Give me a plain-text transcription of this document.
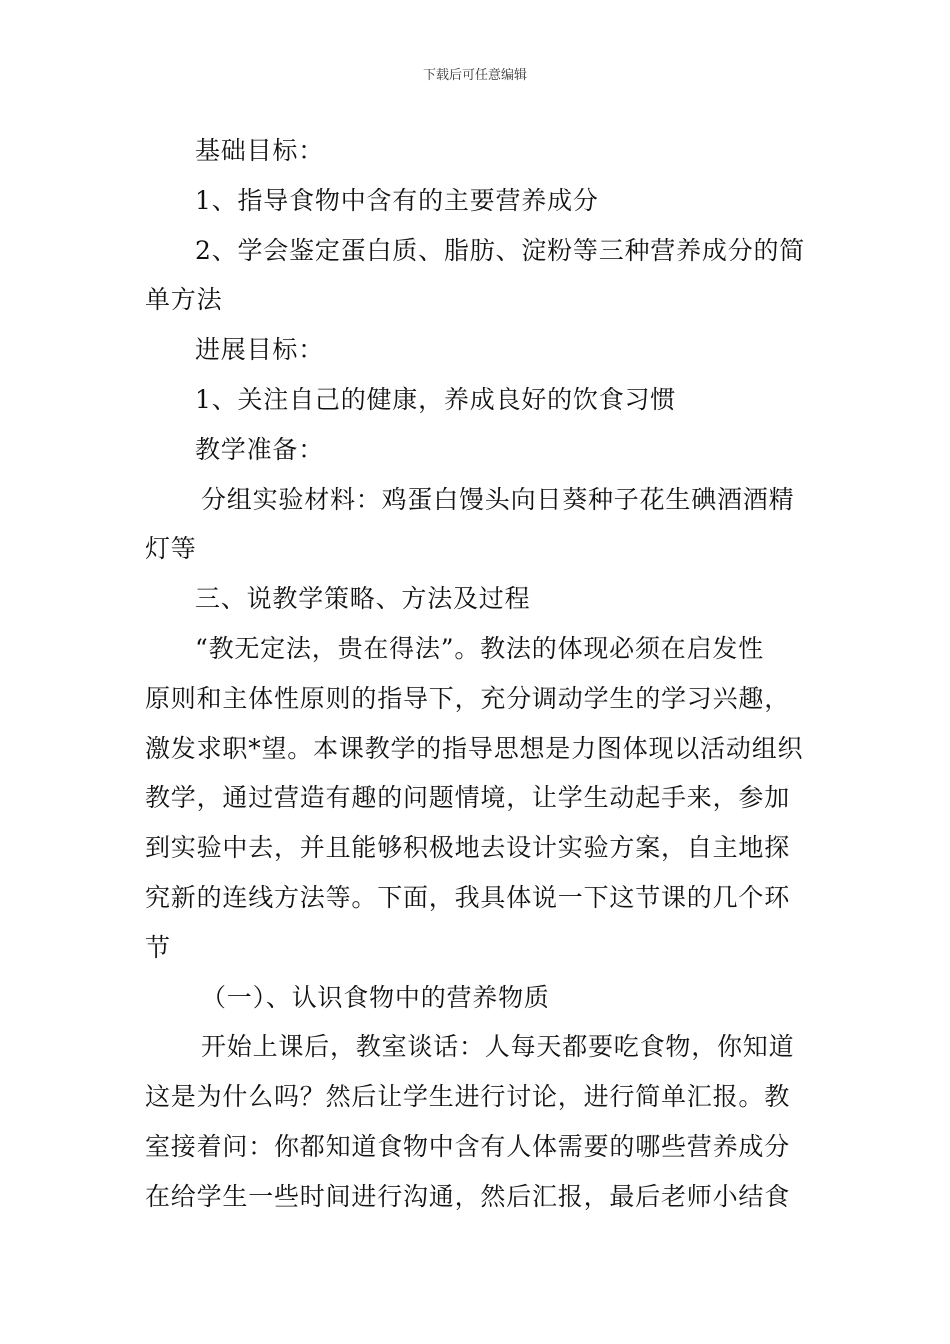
下载后可任意编辑
基础目标：
1、指导食物中含有的主要营养成分
2、学会鉴定蛋白质、脂肪、淀粉等三种营养成分的简
单方法
进展目标：
1、关注自己的健康，养成良好的饮食习惯
教学准备：
分组实验材料：鸡蛋白馒头向日葵种子花生碘酒酒精
灯等
三、说教学策略、方法及过程
“教无定法，贵在得法”。教法的体现必须在启发性
原则和主体性原则的指导下，充分调动学生的学习兴趣，
激发求职*望。本课教学的指导思想是力图体现以活动组织
教学，通过营造有趣的问题情境，让学生动起手来，参加
到实验中去，并且能够积极地去设计实验方案，自主地探
究新的连线方法等。下面，我具体说一下这节课的几个环
节
（一）、认识食物中的营养物质
开始上课后，教室谈话：人每天都要吃食物，你知道
这是为什么吗？然后让学生进行讨论，进行简单汇报。教
室接着问：你都知道食物中含有人体需要的哪些营养成分
在给学生一些时间进行沟通，然后汇报，最后老师小结食
